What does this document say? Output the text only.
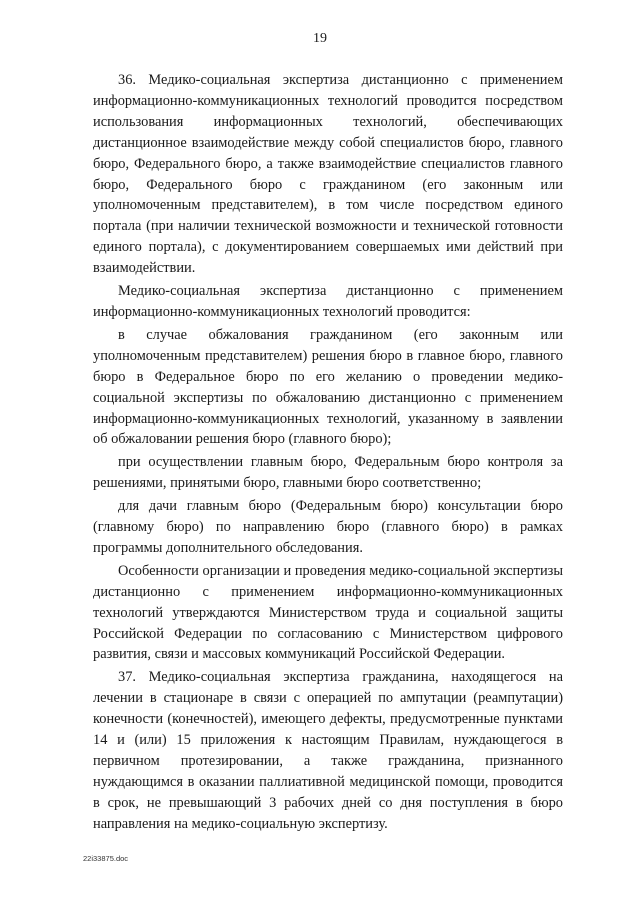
19

36. Медико-социальная экспертиза дистанционно с применением информационно-коммуникационных технологий проводится посредством использования информационных технологий, обеспечивающих дистанционное взаимодействие между собой специалистов бюро, главного бюро, Федерального бюро, а также взаимодействие специалистов главного бюро, Федерального бюро с гражданином (его законным или уполномоченным представителем), в том числе посредством единого портала (при наличии технической возможности и технической готовности единого портала), с документированием совершаемых ими действий при взаимодействии.

Медико-социальная экспертиза дистанционно с применением информационно-коммуникационных технологий проводится:

в случае обжалования гражданином (его законным или уполномоченным представителем) решения бюро в главное бюро, главного бюро в Федеральное бюро по его желанию о проведении медико-социальной экспертизы по обжалованию дистанционно с применением информационно-коммуникационных технологий, указанному в заявлении об обжаловании решения бюро (главного бюро);

при осуществлении главным бюро, Федеральным бюро контроля за решениями, принятыми бюро, главными бюро соответственно;

для дачи главным бюро (Федеральным бюро) консультации бюро (главному бюро) по направлению бюро (главного бюро) в рамках программы дополнительного обследования.

Особенности организации и проведения медико-социальной экспертизы дистанционно с применением информационно-коммуникационных технологий утверждаются Министерством труда и социальной защиты Российской Федерации по согласованию с Министерством цифрового развития, связи и массовых коммуникаций Российской Федерации.

37. Медико-социальная экспертиза гражданина, находящегося на лечении в стационаре в связи с операцией по ампутации (реампутации) конечности (конечностей), имеющего дефекты, предусмотренные пунктами 14 и (или) 15 приложения к настоящим Правилам, нуждающегося в первичном протезировании, а также гражданина, признанного нуждающимся в оказании паллиативной медицинской помощи, проводится в срок, не превышающий 3 рабочих дней со дня поступления в бюро направления на медико-социальную экспертизу.

22i33875.doc
